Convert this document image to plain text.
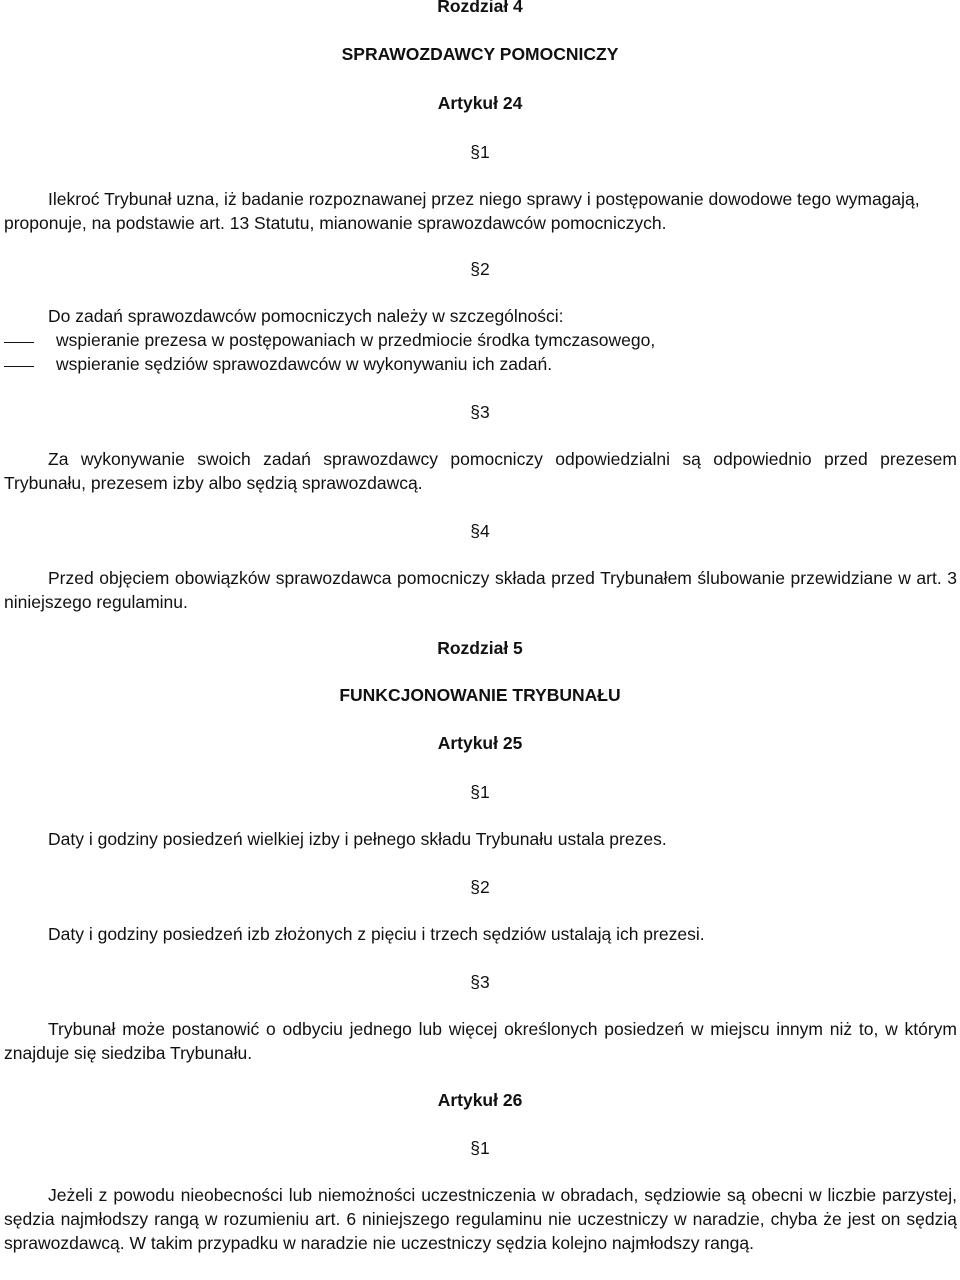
Rozdział 4
SPRAWOZDAWCY POMOCNICZY
Artykuł 24
§1

Ilekroć Trybunał uzna, iż badanie rozpoznawanej przez niego sprawy i postępowanie dowodowe tego wymagają, proponuje, na podstawie art. 13 Statutu, mianowanie sprawozdawców pomocniczych.

§2
Do zadań sprawozdawców pomocniczych należy w szczególności:
wspieranie prezesa w postępowaniach w przedmiocie środka tymczasowego,
wspieranie sędziów sprawozdawców w wykonywaniu ich zadań.
§3

Za wykonywanie swoich zadań sprawozdawcy pomocniczy odpowiedzialni są odpowiednio przed prezesem Trybunału, prezesem izby albo sędzią sprawozdawcą.

§4

Przed objęciem obowiązków sprawozdawca pomocniczy składa przed Trybunałem ślubowanie przewidziane w art. 3 niniejszego regulaminu.

Rozdział 5
FUNKCJONOWANIE TRYBUNAŁU
Artykuł 25
§1
Daty i godziny posiedzeń wielkiej izby i pełnego składu Trybunału ustala prezes.
§2
Daty i godziny posiedzeń izb złożonych z pięciu i trzech sędziów ustalają ich prezesi.
§3

Trybunał może postanowić o odbyciu jednego lub więcej określonych posiedzeń w miejscu innym niż to, w którym znajduje się siedziba Trybunału.

Artykuł 26
§1

Jeżeli z powodu nieobecności lub niemożności uczestniczenia w obradach, sędziowie są obecni w liczbie parzystej, sędzia najmłodszy rangą w rozumieniu art. 6 niniejszego regulaminu nie uczestniczy w naradzie, chyba że jest on sędzią sprawozdawcą. W takim przypadku w naradzie nie uczestniczy sędzia kolejno najmłodszy rangą.
